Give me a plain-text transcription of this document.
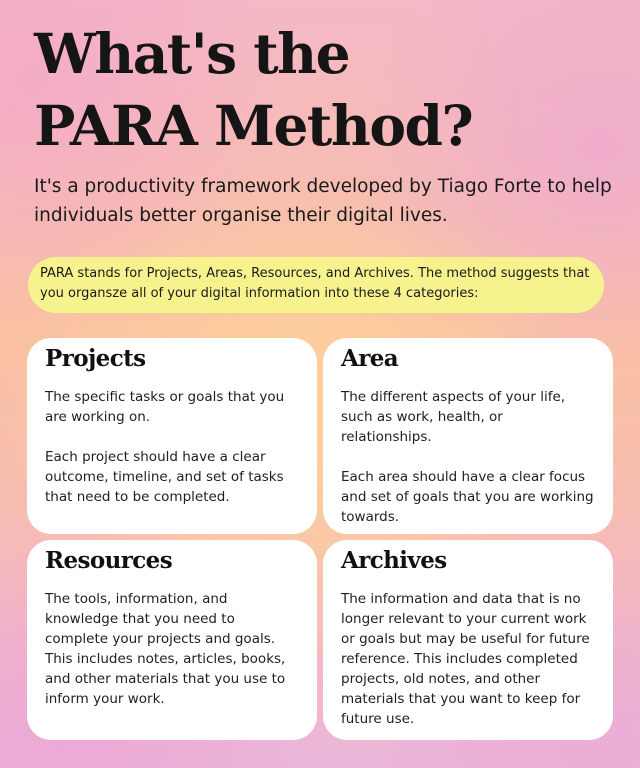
What's the
PARA Method?

It's a productivity framework developed by Tiago Forte to help individuals better organise their digital lives.

PARA stands for Projects, Areas, Resources, and Archives. The method suggests that you organsze all of your digital information into these 4 categories:
Projects

The specific tasks or goals that you are working on.

Each project should have a clear outcome, timeline, and set of tasks that need to be completed.

Area

The different aspects of your life, such as work, health, or relationships.

Each area should have a clear focus and set of goals that you are working towards.

Resources

The tools, information, and knowledge that you need to complete your projects and goals. This includes notes, articles, books, and other materials that you use to inform your work.

Archives

The information and data that is no longer relevant to your current work or goals but may be useful for future reference. This includes completed projects, old notes, and other materials that you want to keep for future use.
